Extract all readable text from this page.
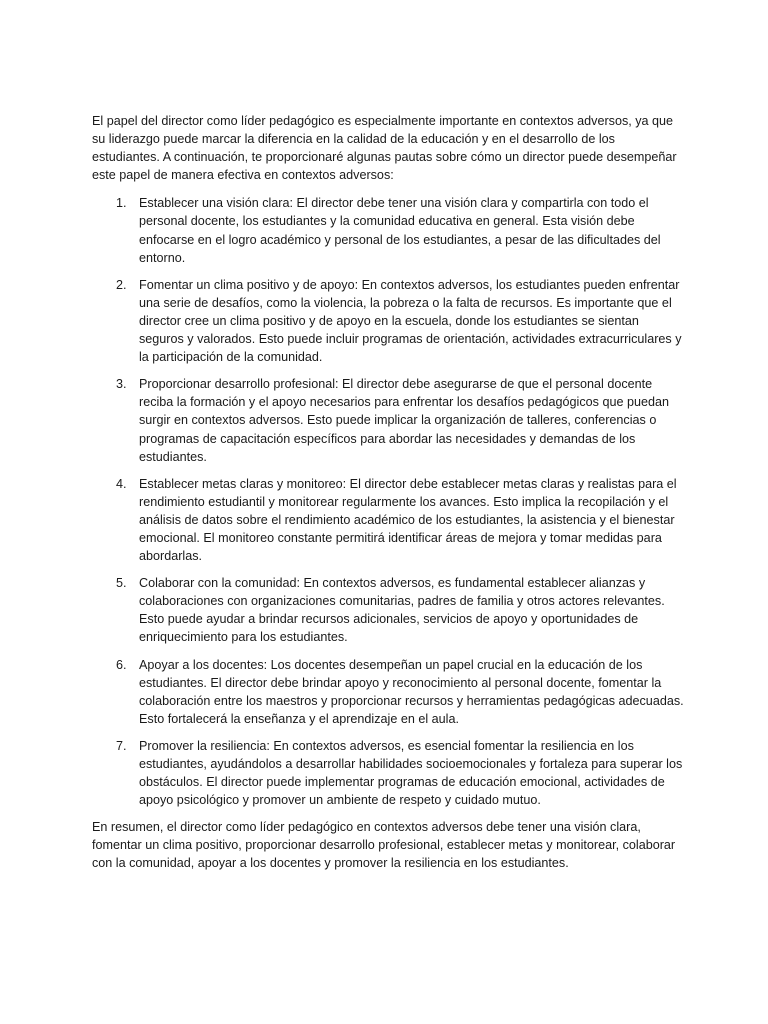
El papel del director como líder pedagógico es especialmente importante en contextos adversos, ya que su liderazgo puede marcar la diferencia en la calidad de la educación y en el desarrollo de los estudiantes. A continuación, te proporcionaré algunas pautas sobre cómo un director puede desempeñar este papel de manera efectiva en contextos adversos:

1. Establecer una visión clara: El director debe tener una visión clara y compartirla con todo el personal docente, los estudiantes y la comunidad educativa en general. Esta visión debe enfocarse en el logro académico y personal de los estudiantes, a pesar de las dificultades del entorno.
2. Fomentar un clima positivo y de apoyo: En contextos adversos, los estudiantes pueden enfrentar una serie de desafíos, como la violencia, la pobreza o la falta de recursos. Es importante que el director cree un clima positivo y de apoyo en la escuela, donde los estudiantes se sientan seguros y valorados. Esto puede incluir programas de orientación, actividades extracurriculares y la participación de la comunidad.
3. Proporcionar desarrollo profesional: El director debe asegurarse de que el personal docente reciba la formación y el apoyo necesarios para enfrentar los desafíos pedagógicos que puedan surgir en contextos adversos. Esto puede implicar la organización de talleres, conferencias o programas de capacitación específicos para abordar las necesidades y demandas de los estudiantes.
4. Establecer metas claras y monitoreo: El director debe establecer metas claras y realistas para el rendimiento estudiantil y monitorear regularmente los avances. Esto implica la recopilación y el análisis de datos sobre el rendimiento académico de los estudiantes, la asistencia y el bienestar emocional. El monitoreo constante permitirá identificar áreas de mejora y tomar medidas para abordarlas.
5. Colaborar con la comunidad: En contextos adversos, es fundamental establecer alianzas y colaboraciones con organizaciones comunitarias, padres de familia y otros actores relevantes. Esto puede ayudar a brindar recursos adicionales, servicios de apoyo y oportunidades de enriquecimiento para los estudiantes.
6. Apoyar a los docentes: Los docentes desempeñan un papel crucial en la educación de los estudiantes. El director debe brindar apoyo y reconocimiento al personal docente, fomentar la colaboración entre los maestros y proporcionar recursos y herramientas pedagógicas adecuadas. Esto fortalecerá la enseñanza y el aprendizaje en el aula.
7. Promover la resiliencia: En contextos adversos, es esencial fomentar la resiliencia en los estudiantes, ayudándolos a desarrollar habilidades socioemocionales y fortaleza para superar los obstáculos. El director puede implementar programas de educación emocional, actividades de apoyo psicológico y promover un ambiente de respeto y cuidado mutuo.

En resumen, el director como líder pedagógico en contextos adversos debe tener una visión clara, fomentar un clima positivo, proporcionar desarrollo profesional, establecer metas y monitorear, colaborar con la comunidad, apoyar a los docentes y promover la resiliencia en los estudiantes.
